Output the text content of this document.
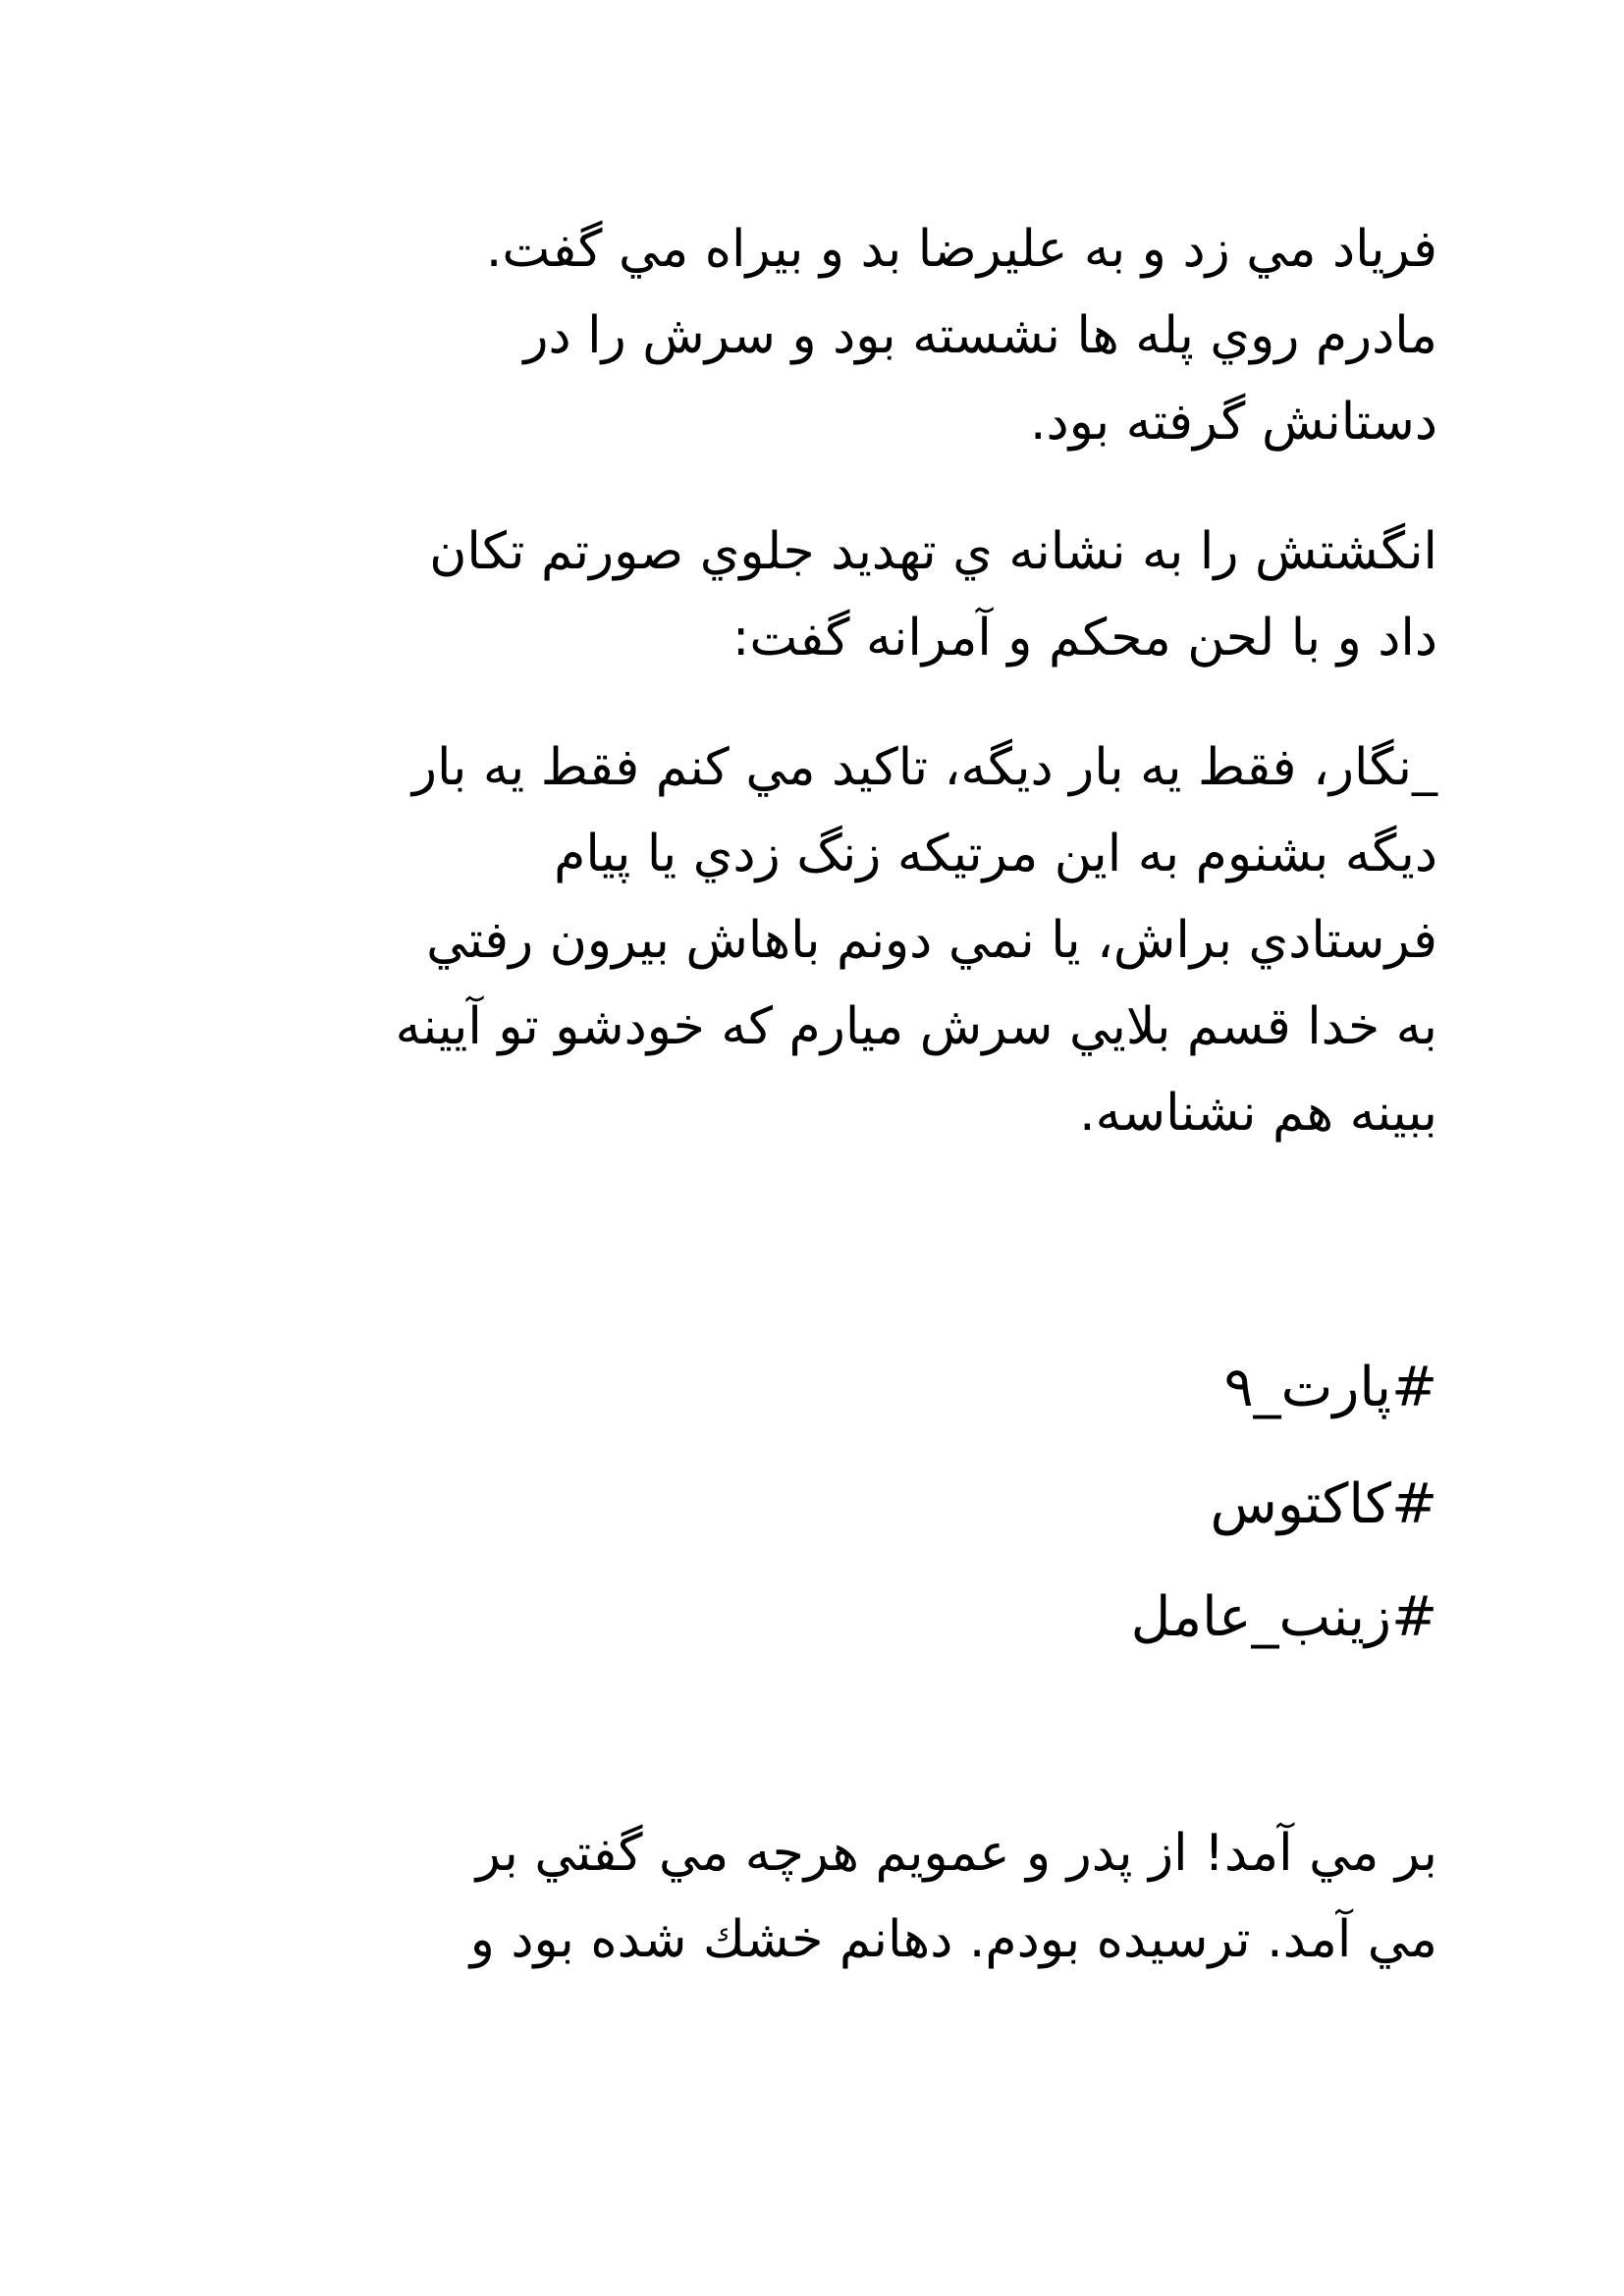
فرياد مي زد و به عليرضا بد و بيراه مي گفت.

مادرم روي پله ها نشسته بود و سرش را در

دستانش گرفته بود.

انگشتش را به نشانه ي تهديد جلوي صورتم تكان

داد و با لحن محكم و آمرانه گفت:

_نگار، فقط يه بار ديگه، تاكيد مي كنم فقط يه بار

ديگه بشنوم به اين مرتيكه زنگ زدي يا پيام

فرستادي براش، يا نمي دونم باهاش بيرون رفتي

به خدا قسم بلايي سرش ميارم كه خودشو تو آيينه

ببينه هم نشناسه.

#پارت_۹

#كاكتوس

#زينب_عامل

بر مي آمد! از پدر و عمويم هرچه مي گفتي بر

مي آمد. ترسيده بودم. دهانم خشك شده بود و
